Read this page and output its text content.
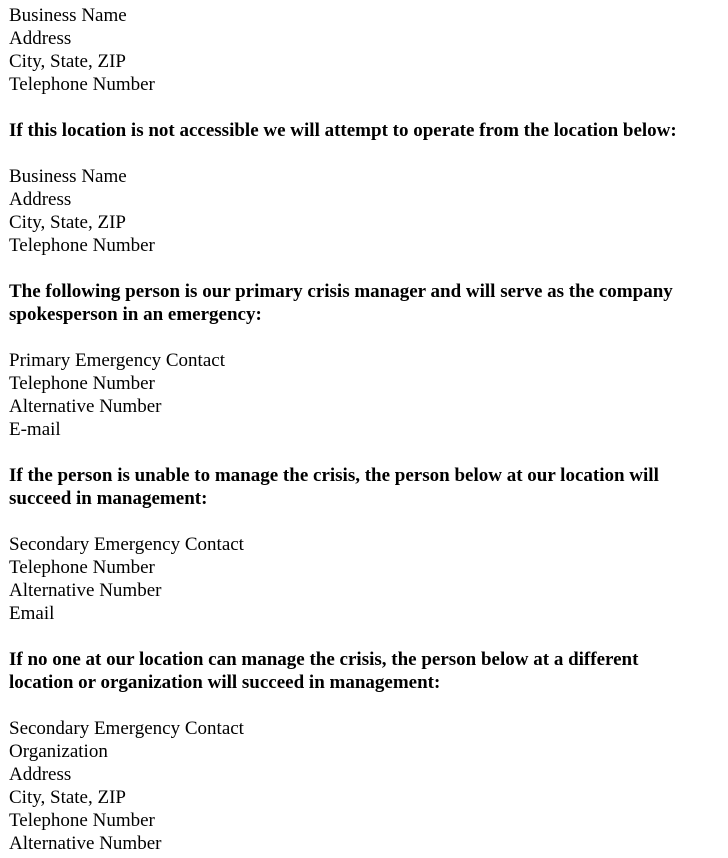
Business Name
Address
City, State, ZIP
Telephone Number

If this location is not accessible we will attempt to operate from the location below:

Business Name
Address
City, State, ZIP
Telephone Number

The following person is our primary crisis manager and will serve as the company
spokesperson in an emergency:

Primary Emergency Contact
Telephone Number
Alternative Number
E-mail

If the person is unable to manage the crisis, the person below at our location will
succeed in management:

Secondary Emergency Contact
Telephone Number
Alternative Number
Email

If no one at our location can manage the crisis, the person below at a different
location or organization will succeed in management:

Secondary Emergency Contact
Organization
Address
City, State, ZIP
Telephone Number
Alternative Number
